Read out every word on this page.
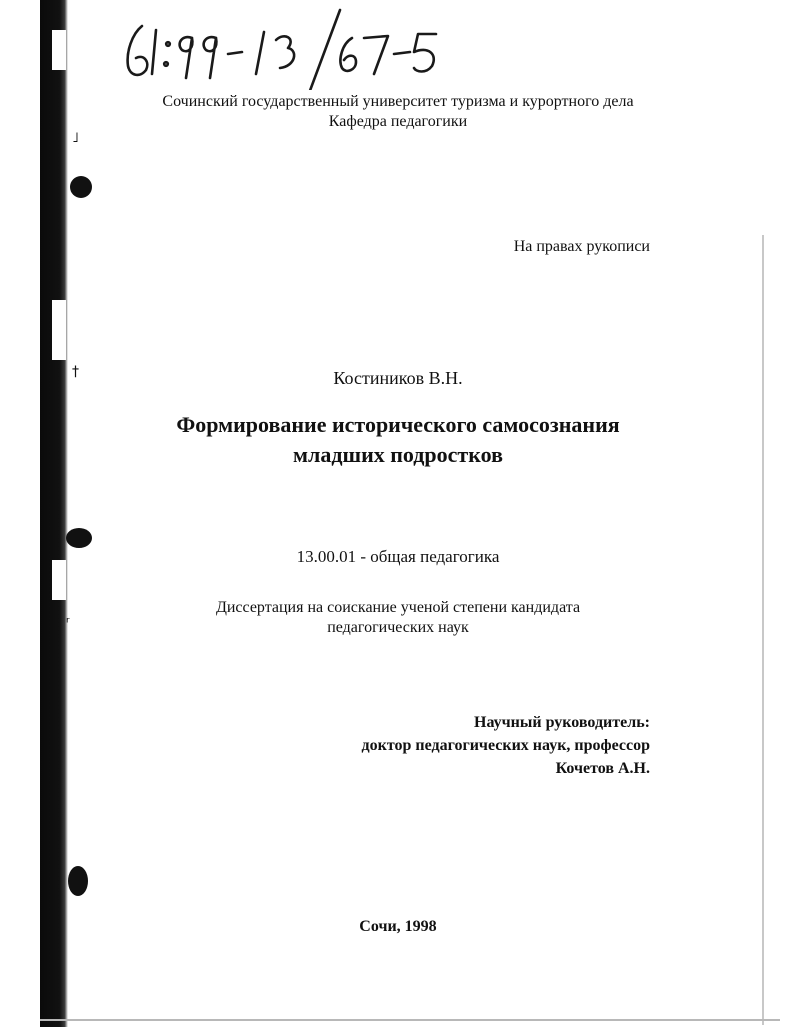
˩
†
ʳ
Сочинский государственный университет туризма и курортного дела
Кафедра педагогики
На правах рукописи
Костиников В.Н.
Формирование исторического самосознания
младших подростков
13.00.01 - общая педагогика
Диссертация на соискание ученой степени кандидата
педагогических наук
Научный руководитель:
доктор педагогических наук, профессор
Кочетов А.Н.
Сочи, 1998
